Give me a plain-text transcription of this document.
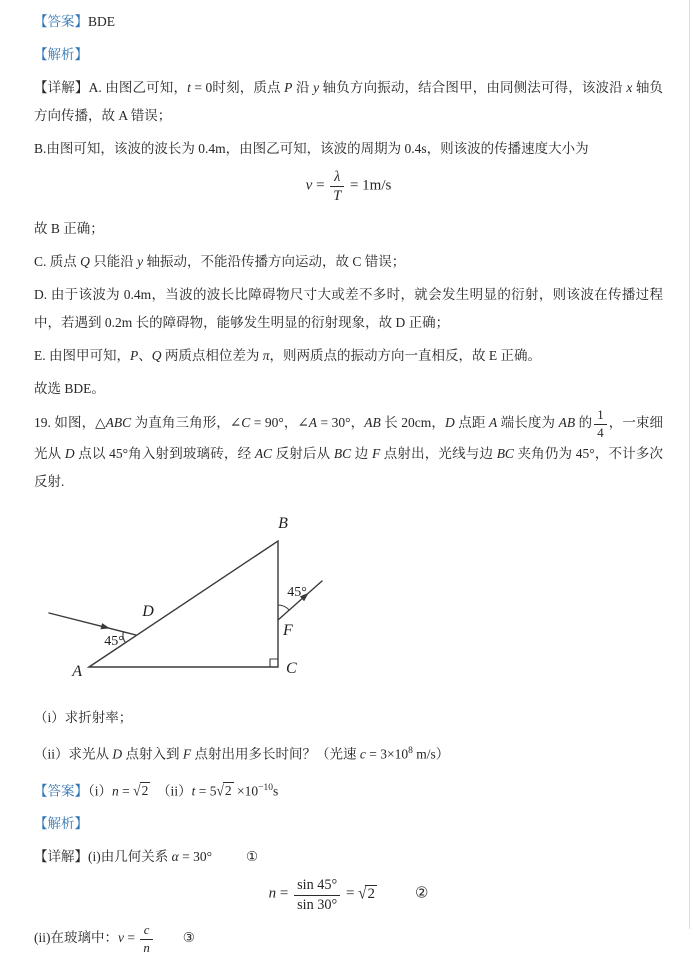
【答案】BDE
【解析】
【详解】A. 由图乙可知，t = 0时刻，质点 P 沿 y 轴负方向振动，结合图甲，由同侧法可得，该波沿 x 轴负方向传播，故 A 错误；
B.由图可知，该波的波长为 0.4m，由图乙可知，该波的周期为 0.4s，则该波的传播速度大小为
$v = \frac{\lambda}{T} = 1m/s$
故 B 正确；
C. 质点 Q 只能沿 y 轴振动，不能沿传播方向运动，故 C 错误；
D. 由于该波为 0.4m，当波的波长比障碍物尺寸大或差不多时，就会发生明显的衍射，则该波在传播过程中，若遇到 0.2m 长的障碍物，能够发生明显的衍射现象，故 D 正确；
E. 由图甲可知，P、Q 两质点相位差为 π，则两质点的振动方向一直相反，故 E 正确。
故选 BDE。
19. 如图，△ABC 为直角三角形，∠C = 90°，∠A = 30°，AB 长 20cm，D 点距 A 端长度为 AB 的 $\frac{1}{4}$ ，一束细光从 D 点以 45°角入射到玻璃砖，经 AC 反射后从 BC 边 F 点射出，光线与边 BC 夹角仍为 45°，不计多次反射.
A
B
C
D
F
45°
45°
（i）求折射率；
（ii）求光从 D 点射入到 F 点射出用多长时间？（光速 $c = 3\times 10^8$ m/s）
【答案】（i）n = √2　$(ii)t = 5√2 \times 10^{-10}s$
【解析】
【详解】(i)由几何关系 α = 30°	①
$n = \frac{\sin 45^\circ}{\sin 30^\circ} = √2$	②
(ii)在玻璃中：$v = \frac{c}{n}$ ③
